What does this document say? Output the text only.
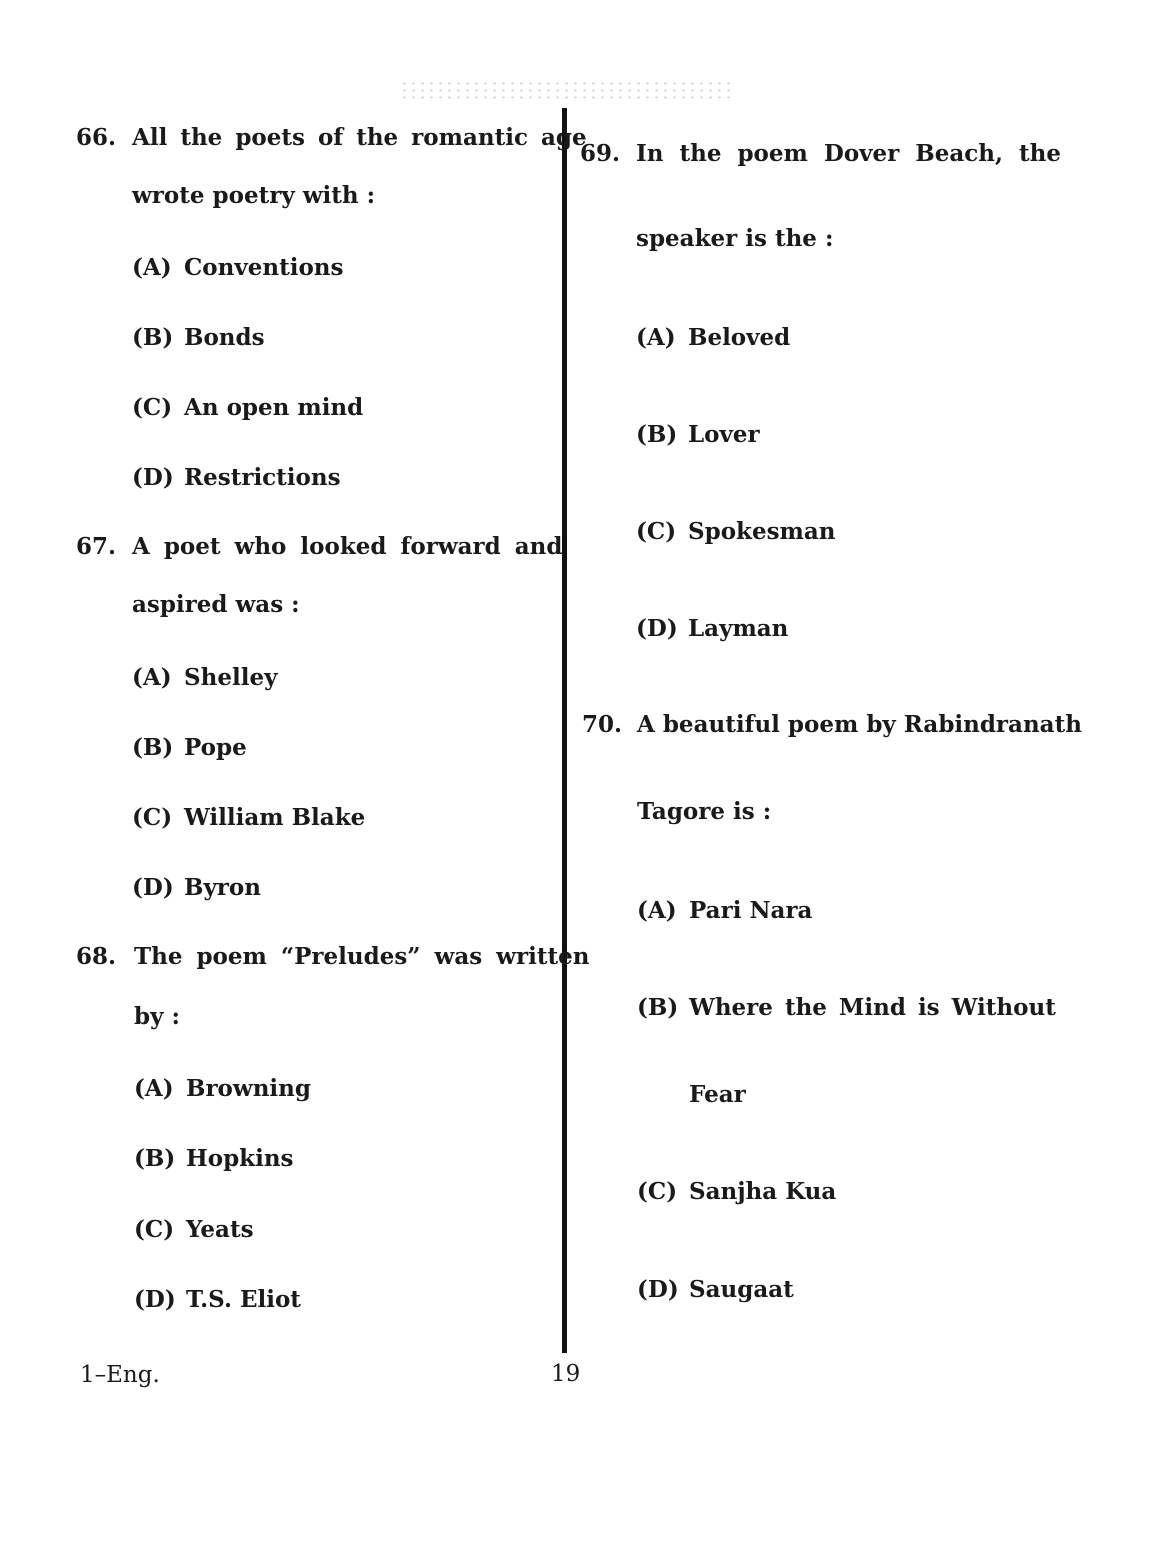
66. All the poets of the romantic age
wrote poetry with :
(A) Conventions
(B) Bonds
(C) An open mind
(D) Restrictions
67. A poet who looked forward and
aspired was :
(A) Shelley
(B) Pope
(C) William Blake
(D) Byron
68. The poem “Preludes” was written
by :
(A) Browning
(B) Hopkins
(C) Yeats
(D) T.S. Eliot
69. In the poem Dover Beach, the
speaker is the :
(A) Beloved
(B) Lover
(C) Spokesman
(D) Layman
70. A beautiful poem by Rabindranath
Tagore is :
(A) Pari Nara
(B) Where the Mind is Without
Fear
(C) Sanjha Kua
(D) Saugaat
1–Eng.	19
